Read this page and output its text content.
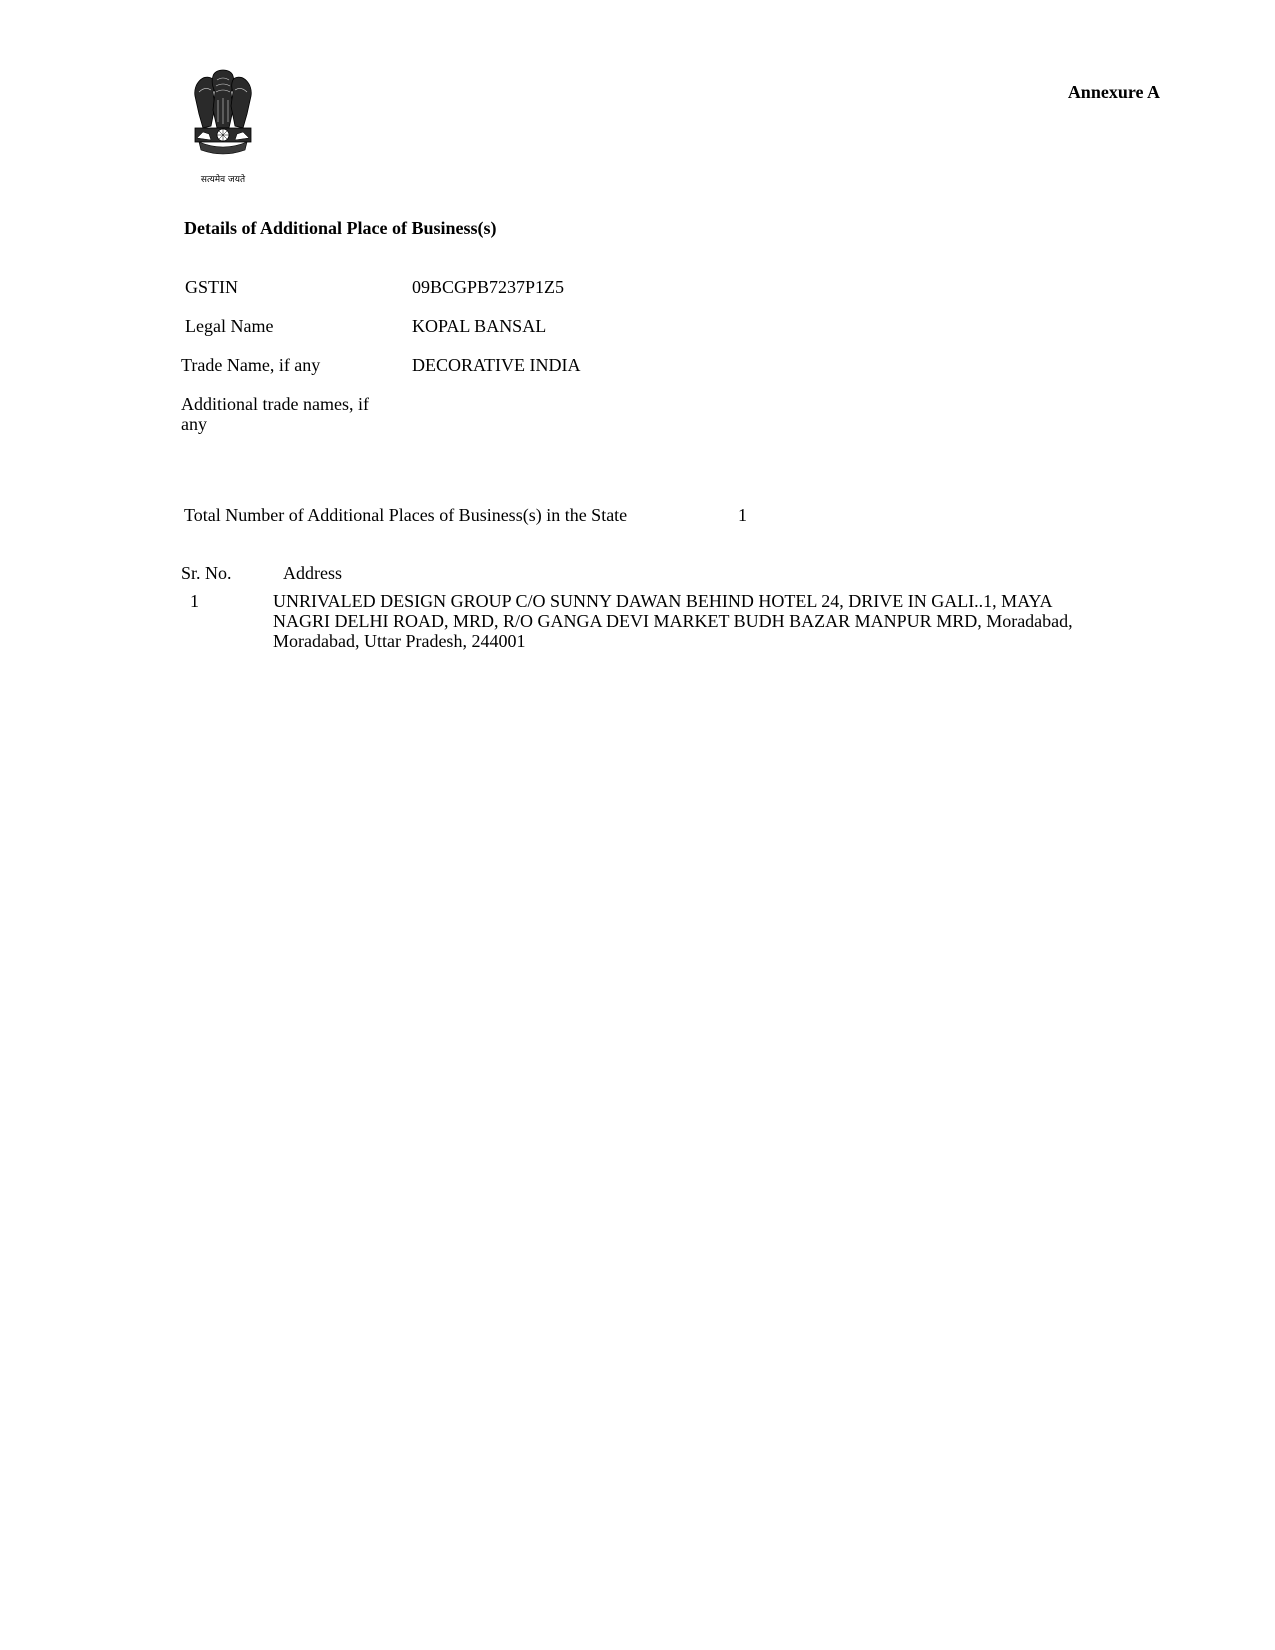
सत्यमेव जयते
Annexure A
Details of Additional Place of Business(s)
GSTIN	09BCGPB7237P1Z5
Legal Name	KOPAL BANSAL
Trade Name, if any	DECORATIVE INDIA
Additional trade names, if any
Total Number of Additional Places of Business(s) in the State	1
Sr. No.	Address
1	UNRIVALED DESIGN GROUP C/O SUNNY DAWAN BEHIND HOTEL 24, DRIVE IN GALI..1, MAYA NAGRI DELHI ROAD, MRD, R/O GANGA DEVI MARKET BUDH BAZAR MANPUR MRD, Moradabad, Moradabad, Uttar Pradesh, 244001
